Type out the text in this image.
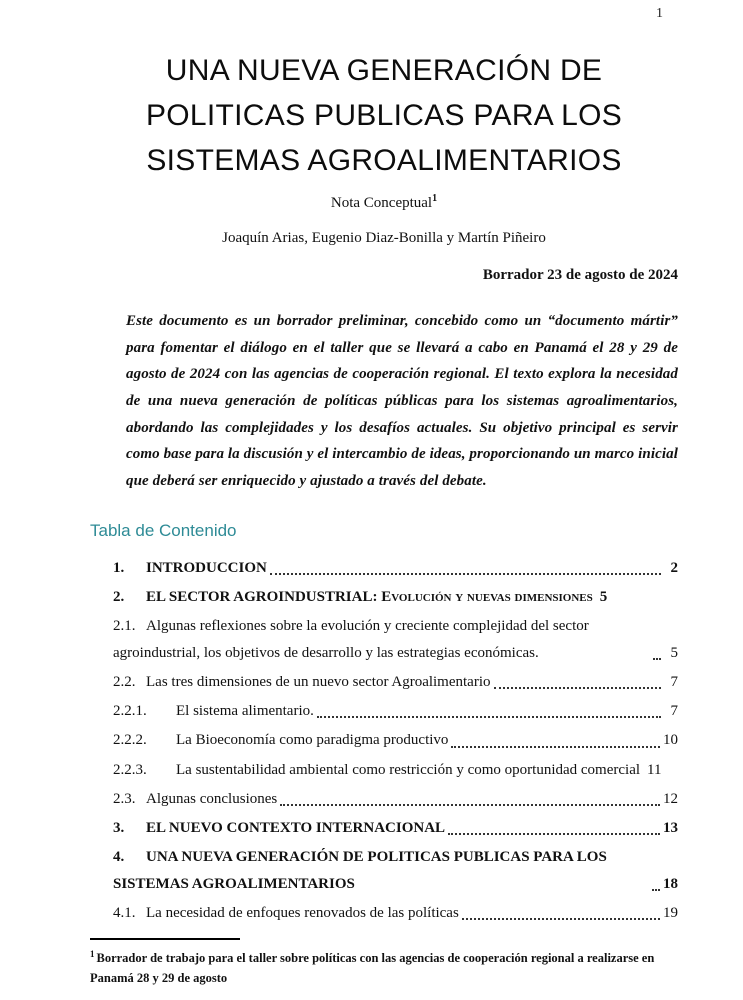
1
UNA NUEVA GENERACIÓN DE POLITICAS PUBLICAS PARA LOS SISTEMAS AGROALIMENTARIOS
Nota Conceptual$^1$
Joaquín Arias, Eugenio Diaz-Bonilla y Martín Piñeiro
Borrador 23 de agosto de 2024

Este documento es un borrador preliminar, concebido como un “documento mártir” para fomentar el diálogo en el taller que se llevará a cabo en Panamá el 28 y 29 de agosto de 2024 con las agencias de cooperación regional. El texto explora la necesidad de una nueva generación de políticas públicas para los sistemas agroalimentarios, abordando las complejidades y los desafíos actuales. Su objetivo principal es servir como base para la discusión y el intercambio de ideas, proporcionando un marco inicial que deberá ser enriquecido y ajustado a través del debate.

Tabla de Contenido
1. INTRODUCCION	2
2. EL SECTOR AGROINDUSTRIAL: Evolución y nuevas dimensiones 5
2.1. Algunas reflexiones sobre la evolución y creciente complejidad del sector agroindustrial, los objetivos de desarrollo y las estrategias económicas.	5
2.2. Las tres dimensiones de un nuevo sector Agroalimentario	7
2.2.1. El sistema alimentario.	7
2.2.2. La Bioeconomía como paradigma productivo	10
2.2.3. La sustentabilidad ambiental como restricción y como oportunidad comercial 11
2.3. Algunas conclusiones	12
3. EL NUEVO CONTEXTO INTERNACIONAL	13
4. UNA NUEVA GENERACIÓN DE POLITICAS PUBLICAS PARA LOS SISTEMAS AGROALIMENTARIOS	18
4.1. La necesidad de enfoques renovados de las políticas	19
$^1$ Borrador de trabajo para el taller sobre políticas con las agencias de cooperación regional a realizarse en Panamá 28 y 29 de agosto
